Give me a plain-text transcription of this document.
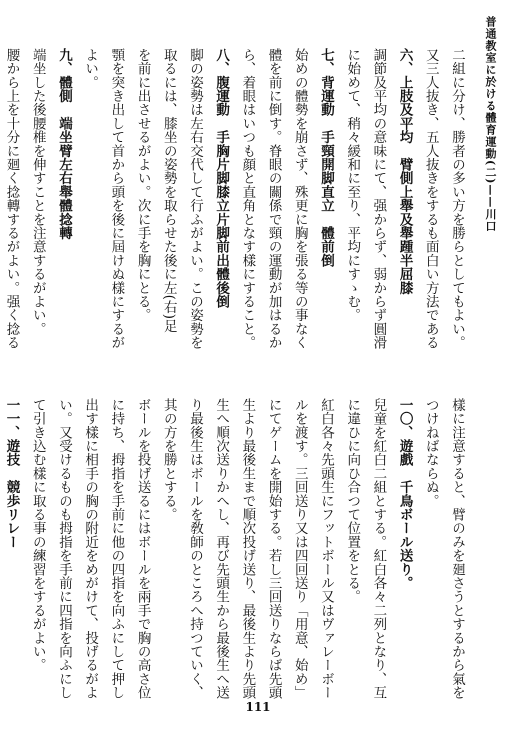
普通教室に於ける體育運動(二)——川口

二組に分け、勝者の多い方を勝らとしてもよい。

又三人抜き、五人抜きをするも面白い方法である

六、上肢及平均　臂側上舉及舉踵半屈膝

調節及平均の意味にて、强からず、弱からず圓滑

に始めて、稍々緩和に至り、平均にすゝむ。

七、背運動　手頸開脚直立　體前倒

始めの體勢を崩さず、殊更に胸を張る等の事なく

體を前に倒す。脊眼の關係で頸の運動が加はるか

ら、着眼はいつも顔と直角となす樣にすること。

八、腹運動　手胸片脚膝立片脚前出體後倒

脚の姿勢は左右交代して行ふがよい。この姿勢を

取るには、膝坐の姿勢を取らせた後に左(右)足

を前に出させるがよい。次に手を胸にとる。

顎を突き出して首から頭を後に屆けぬ樣にするが

よい。

九、體側　端坐臂左右舉體捻轉

端坐した後腰椎を伸すことを注意するがよい。

腰から上を十分に廻く捻轉するがよい。强く捻る

樣に注意すると、臂のみを廻さうとするから氣を

つけねばならぬ。

一〇、遊戲　千鳥ボール送り。

兒童を紅白二組とする。紅白各々二列となり、互

に違ひに向ひ合つて位置をとる。

紅白各々先頭生にフットボール又はヴァレーボー

ルを渡す。三回送り又は四回送り「用意、始め」

にてゲームを開始する。若し三回送りならば先頭

生より最後生まで順次投げ送り、最後生より先頭

生へ順次送りかへし、再び先頭生から最後生へ送

り最後生はボールを敎師のところへ持つていく、

其の方を勝とする。

ボールを投げ送るにはボールを兩手で胸の高さ位

に持ち、拇指を手前に他の四指を向ふにして押し

出す樣に相手の胸の附近をめがけて、投げるがよ

い。又受けるものも拇指を手前に四指を向ふにし

て引き込む樣に取る事の練習をするがよい。

一一、遊技　競歩リレー

111
